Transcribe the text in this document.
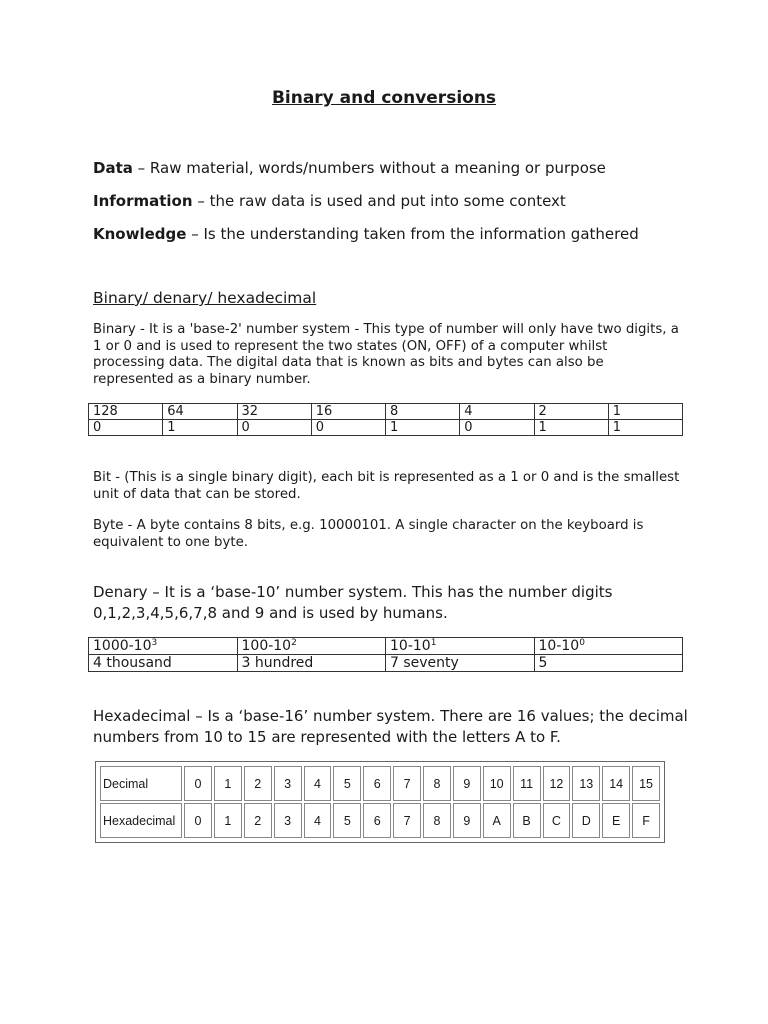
Binary and conversions
Data – Raw material, words/numbers without a meaning or purpose
Information – the raw data is used and put into some context
Knowledge – Is the understanding taken from the information gathered
Binary/ denary/ hexadecimal
Binary - It is a 'base-2' number system - This type of number will only have two digits, a 1 or 0 and is used to represent the two states (ON, OFF) of a computer whilst processing data. The digital data that is known as bits and bytes can also be represented as a binary number.
128	64	32	16	8	4	2	1
0	1	0	0	1	0	1	1
Bit - (This is a single binary digit), each bit is represented as a 1 or 0 and is the smallest unit of data that can be stored.
Byte - A byte contains 8 bits, e.g. 10000101. A single character on the keyboard is equivalent to one byte.
Denary – It is a ‘base-10’ number system. This has the number digits 0,1,2,3,4,5,6,7,8 and 9 and is used by humans.
$1000-10^3$	$100-10^2$	$10-10^1$	$10-10^0$
4 thousand	3 hundred	7 seventy	5
Hexadecimal – Is a ‘base-16’ number system. There are 16 values; the decimal numbers from 10 to 15 are represented with the letters A to F.
Decimal	0	1	2	3	4	5	6	7	8	9	10	11	12	13	14	15
Hexadecimal	0	1	2	3	4	5	6	7	8	9	A	B	C	D	E	F
